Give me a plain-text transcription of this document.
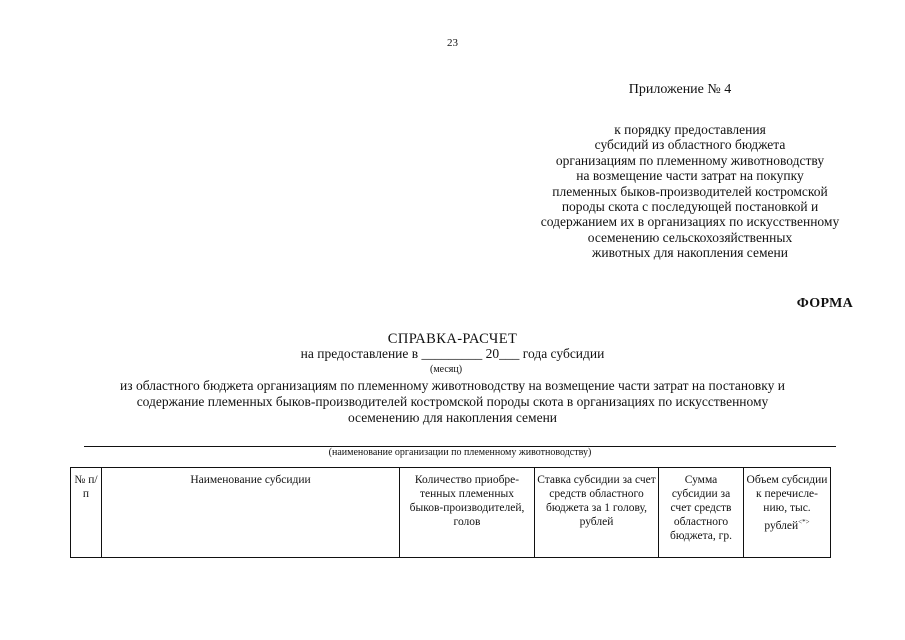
23
Приложение № 4
к порядку предоставления
субсидий из областного бюджета
организациям по племенному животноводству
на возмещение части затрат на покупку
племенных быков-производителей костромской
породы скота с последующей постановкой и
содержанием их в организациях по искусственному
осеменению сельскохозяйственных
животных для накопления семени
ФОРМА
СПРАВКА-РАСЧЕТ
на предоставление в _________ 20___ года субсидии
(месяц)
из областного бюджета организациям по племенному животноводству на возмещение части затрат на постановку и
содержание племенных быков-производителей костромской породы скота в организациях по искусственному
осеменению для накопления семени
(наименование организации по племенному животноводству)
№ п/п	Наименование субсидии	Количество приобре-тенных племенных быков-производителей, голов	Ставка субсидии за счет средств областного бюджета за 1 голову, рублей	Сумма субсидии за счет средств областного бюджета, гр.	Объем субсидии к перечисле-нию, тыс. рублей<*>
